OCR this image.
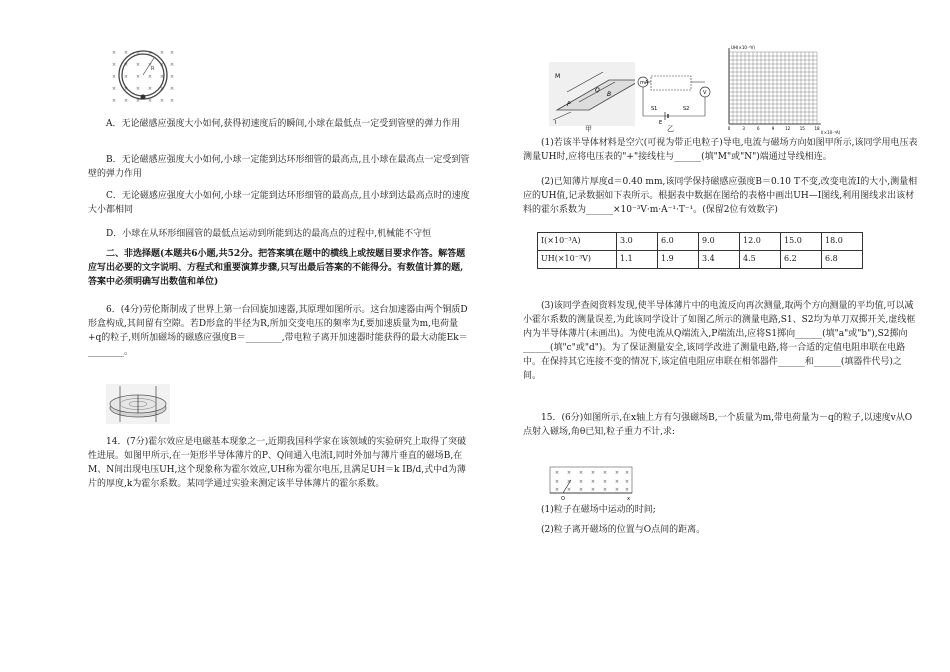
× × × × × ×
× × × × × ×
× × × × × ×
× × × × × ×
× × × × × ×
R

A．无论磁感应强度大小如何,获得初速度后的瞬间,小球在最低点一定受到管壁的弹力作用

B．无论磁感应强度大小如何,小球一定能到达环形细管的最高点,且小球在最高点一定受到管壁的弹力作用

C．无论磁感应强度大小如何,小球一定能到达环形细管的最高点,且小球到达最高点时的速度大小都相同

D．小球在从环形细圆管的最低点运动到所能到达的最高点的过程中,机械能不守恒

二、非选择题(本题共6小题,共52分。把答案填在题中的横线上或按题目要求作答。解答题应写出必要的文字说明、方程式和重要演算步骤,只写出最后答案的不能得分。有数值计算的题,答案中必须明确写出数值和单位)

6．(4分)劳伦斯制成了世界上第一台回旋加速器,其原理如图所示。这台加速器由两个铜质D形盒构成,其间留有空隙。若D形盒的半径为R,所加交变电压的频率为f,要加速质量为m,电荷量+q的粒子,则所加磁场的磁感应强度B＝________,带电粒子离开加速器时能获得的最大动能Ek＝________。

14．(7分)霍尔效应是电磁基本现象之一,近期我国科学家在该领域的实验研究上取得了突破性进展。如图甲所示,在一矩形半导体薄片的P、Q间通入电流I,同时外加与薄片垂直的磁场B,在M、N间出现电压UH,这个现象称为霍尔效应,UH称为霍尔电压,且满足UH＝k IB/d,式中d为薄片的厚度,k为霍尔系数。某同学通过实验来测定该半导体薄片的霍尔系数。

M
Q
P
B
I
甲
mA
V
S1	S2
E
乙
UH(×10⁻³V)
I(×10⁻³A)
0	3	6	9	12 15 18

(1)若该半导体材料是空穴(可视为带正电粒子)导电,电流与磁场方向如图甲所示,该同学用电压表测量UH时,应将电压表的"+"接线柱与______(填"M"或"N")端通过导线相连。

(2)已知薄片厚度d＝0.40 mm,该同学保持磁感应强度B＝0.10 T不变,改变电流I的大小,测量相应的UH值,记录数据如下表所示。根据表中数据在图给的表格中画出UH—I图线,利用图线求出该材料的霍尔系数为______×10⁻³V·m·A⁻¹·T⁻¹。(保留2位有效数字)

I(×10⁻³A)	3.0	6.0	9.0	12.0	15.0	18.0
UH(×10⁻³V)	1.1	1.9	3.4	4.5	6.2	6.8

(3)该同学查阅资料发现,使半导体薄片中的电流反向再次测量,取两个方向测量的平均值,可以减小霍尔系数的测量误差,为此该同学设计了如图乙所示的测量电路,S1、S2均为单刀双掷开关,虚线框内为半导体薄片(未画出)。为使电流从Q端流入,P端流出,应将S1掷向______(填"a"或"b"),S2掷向______(填"c"或"d")。为了保证测量安全,该同学改进了测量电路,将一合适的定值电阻串联在电路中。在保持其它连接不变的情况下,该定值电阻应串联在相邻器件______和______(填器件代号)之间。

15．(6分)如图所示,在x轴上方有匀强磁场B,一个质量为m,带电荷量为－q的粒子,以速度v从O点射入磁场,角θ已知,粒子重力不计,求:

× × × × × × ×
× × × × × × ×
× × × × × × ×
O	x

(1)粒子在磁场中运动的时间;

(2)粒子离开磁场的位置与O点间的距离。
